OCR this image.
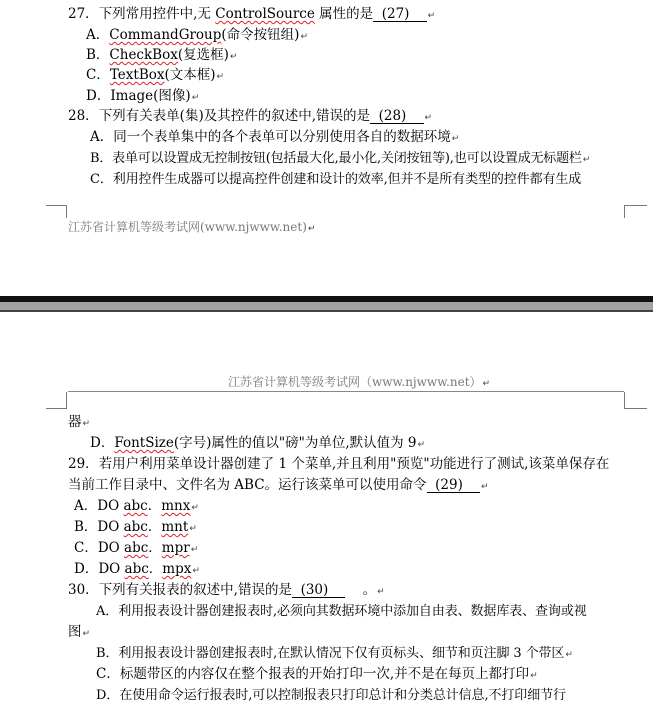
27．下列常用控件中,无 ControlSource 属性的是 (27) ↵
A．CommandGroup(命令按钮组)↵
B．CheckBox(复选框)↵
C．TextBox(文本框)↵
D．Image(图像)↵
28．下列有关表单(集)及其控件的叙述中,错误的是 (28) ↵
A．同一个表单集中的各个表单可以分别使用各自的数据环境↵
B．表单可以设置成无控制按钮(包括最大化,最小化,关闭按钮等),也可以设置成无标题栏↵
C．利用控件生成器可以提高控件创建和设计的效率,但并不是所有类型的控件都有生成
江苏省计算机等级考试网(www.njwww.net)↵
江苏省计算机等级考试网（www.njwww.net）↵
器↵
D．FontSize(字号)属性的值以"磅"为单位,默认值为 9↵
29．若用户利用菜单设计器创建了 1 个菜单,并且利用"预览"功能进行了测试,该菜单保存在
当前工作目录中、文件名为 ABC。运行该菜单可以使用命令 (29) ↵
A．DO abc．mnx↵
B．DO abc．mnt↵
C．DO abc．mpr↵
D．DO abc．mpx↵
30．下列有关报表的叙述中,错误的是 (30)	。↵
A．利用报表设计器创建报表时,必须向其数据环境中添加自由表、数据库表、查询或视
图↵
B．利用报表设计器创建报表时,在默认情况下仅有页标头、细节和页注脚 3 个带区↵
C．标题带区的内容仅在整个报表的开始打印一次,并不是在每页上都打印↵
D．在使用命令运行报表时,可以控制报表只打印总计和分类总计信息,不打印细节行
